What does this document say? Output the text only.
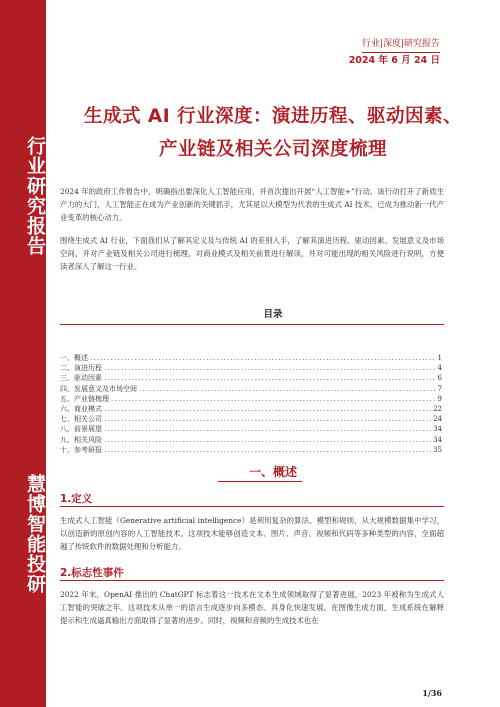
行业研究报告
慧博智能投研
行业|深度|研究报告
2024 年 6 月 24 日
生成式 AI 行业深度：演进历程、驱动因素、
产业链及相关公司深度梳理
2024 年的政府工作报告中，明确指出要深化人工智能应用，并首次提出开展“人工智能+”行动。该行动打开了新质生产力的大门，人工智能正在成为产业创新的关键抓手，尤其是以大模型为代表的生成式 AI 技术，已成为推动新一代产业变革的核心动力。
围绕生成式 AI 行业，下面我们从了解其定义及与传统 AI 的差别入手，了解其演进历程、驱动因素、发展意义及市场空间，并对产业链及相关公司进行梳理，对商业模式及相关前景进行解读，并对可能出现的相关风险进行说明，方便读者深入了解这一行业。
目录
一、概述 .....	1
二、演进历程 .....	4
三、驱动因素 .....	6
四、发展意义及市场空间 .....	7
五、产业链梳理 .....	9
六、商业模式 .....	22
七、相关公司 .....	24
八、前景展望 .....	34
九、相关风险 .....	34
十、参考研报 .....	35
一、概述
1.定义
生成式人工智能（Generative artificial intelligence）是利用复杂的算法、模型和规则，从大规模数据集中学习，以创造新的原创内容的人工智能技术。这项技术能够创造文本、图片、声音、视频和代码等多种类型的内容，全面超越了传统软件的数据处理和分析能力。
2.标志性事件
2022 年末，OpenAI 推出的 ChatGPT 标志着这一技术在文本生成领域取得了显著进展，2023 年被称为生成式人工智能的突破之年。这项技术从单一的语言生成逐步向多模态、具身化快速发展。在图像生成方面，生成系统在解释提示和生成逼真输出方面取得了显著的进步。同时，视频和音频的生成技术也在
1/36
